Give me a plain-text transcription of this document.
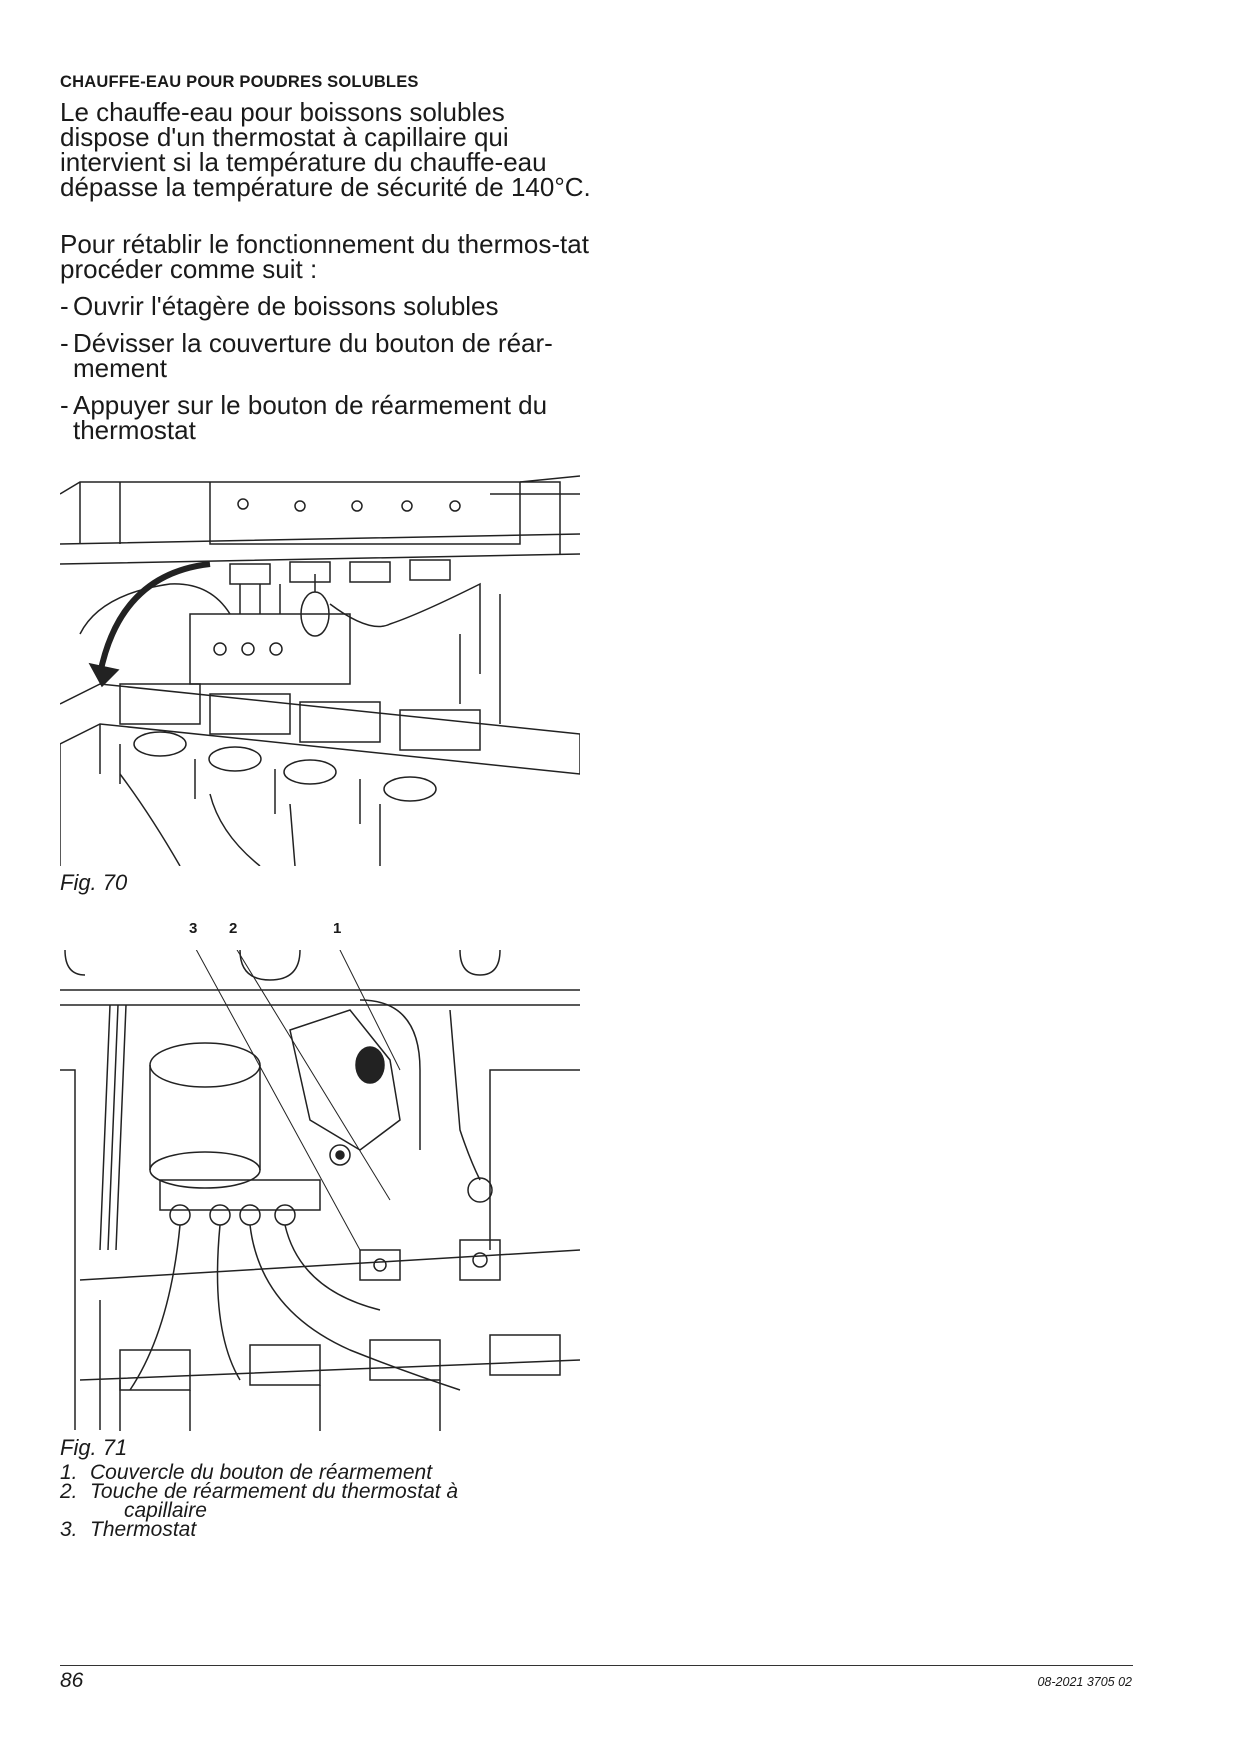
CHAUFFE-EAU POUR POUDRES SOLUBLES
Le chauffe-eau pour boissons solubles dispose d'un thermostat à capillaire qui intervient si la température du chauffe-eau dépasse la température de sécurité de 140°C.
Pour rétablir le fonctionnement du thermos-tat procéder comme suit :
- Ouvrir l'étagère de boissons solubles
- Dévisser la couverture du bouton de réar-mement
- Appuyer sur le bouton de réarmement du thermostat
Fig. 70
3 2	1
Fig. 71
1. Couvercle du bouton de réarmement
2. Touche de réarmement du thermostat à
capillaire
3. Thermostat
86	08-2021 3705 02
